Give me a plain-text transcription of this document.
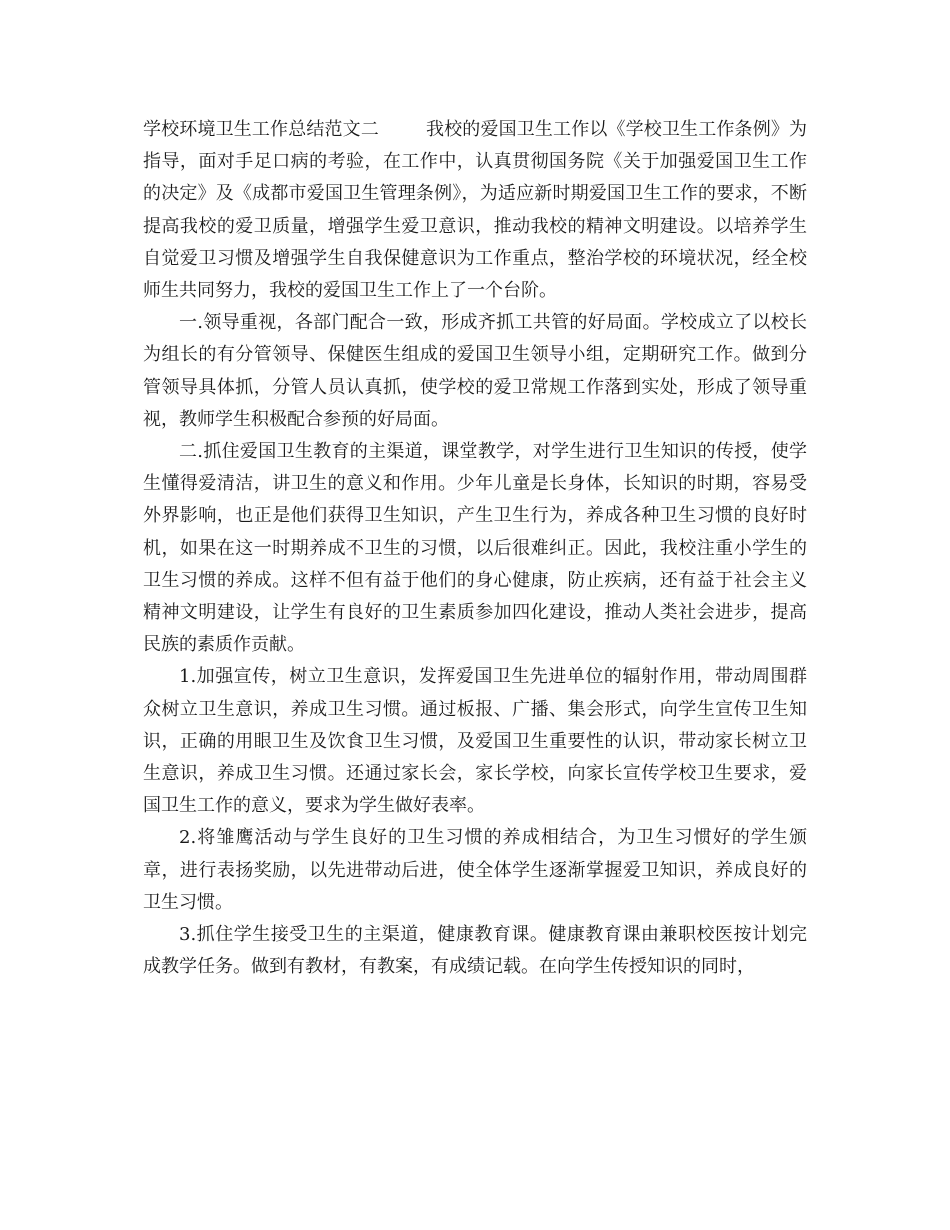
学校环境卫生工作总结范文二	我校的爱国卫生工作以《学校卫生工作条例》为指导，面对手足口病的考验，在工作中，认真贯彻国务院《关于加强爱国卫生工作的决定》及《成都市爱国卫生管理条例》，为适应新时期爱国卫生工作的要求，不断提高我校的爱卫质量，增强学生爱卫意识，推动我校的精神文明建设。以培养学生自觉爱卫习惯及增强学生自我保健意识为工作重点，整治学校的环境状况，经全校师生共同努力，我校的爱国卫生工作上了一个台阶。

一.领导重视，各部门配合一致，形成齐抓工共管的好局面。学校成立了以校长为组长的有分管领导、保健医生组成的爱国卫生领导小组，定期研究工作。做到分管领导具体抓，分管人员认真抓，使学校的爱卫常规工作落到实处，形成了领导重视，教师学生积极配合参预的好局面。

二.抓住爱国卫生教育的主渠道，课堂教学，对学生进行卫生知识的传授，使学生懂得爱清洁，讲卫生的意义和作用。少年儿童是长身体，长知识的时期，容易受外界影响，也正是他们获得卫生知识，产生卫生行为，养成各种卫生习惯的良好时机，如果在这一时期养成不卫生的习惯，以后很难纠正。因此，我校注重小学生的卫生习惯的养成。这样不但有益于他们的身心健康，防止疾病，还有益于社会主义精神文明建设，让学生有良好的卫生素质参加四化建设，推动人类社会进步，提高民族的素质作贡献。

1.加强宣传，树立卫生意识，发挥爱国卫生先进单位的辐射作用，带动周围群众树立卫生意识，养成卫生习惯。通过板报、广播、集会形式，向学生宣传卫生知识，正确的用眼卫生及饮食卫生习惯，及爱国卫生重要性的认识，带动家长树立卫生意识，养成卫生习惯。还通过家长会，家长学校，向家长宣传学校卫生要求，爱国卫生工作的意义，要求为学生做好表率。

2.将雏鹰活动与学生良好的卫生习惯的养成相结合，为卫生习惯好的学生颁章，进行表扬奖励，以先进带动后进，使全体学生逐渐掌握爱卫知识，养成良好的卫生习惯。

3.抓住学生接受卫生的主渠道，健康教育课。健康教育课由兼职校医按计划完成教学任务。做到有教材，有教案，有成绩记载。在向学生传授知识的同时，
